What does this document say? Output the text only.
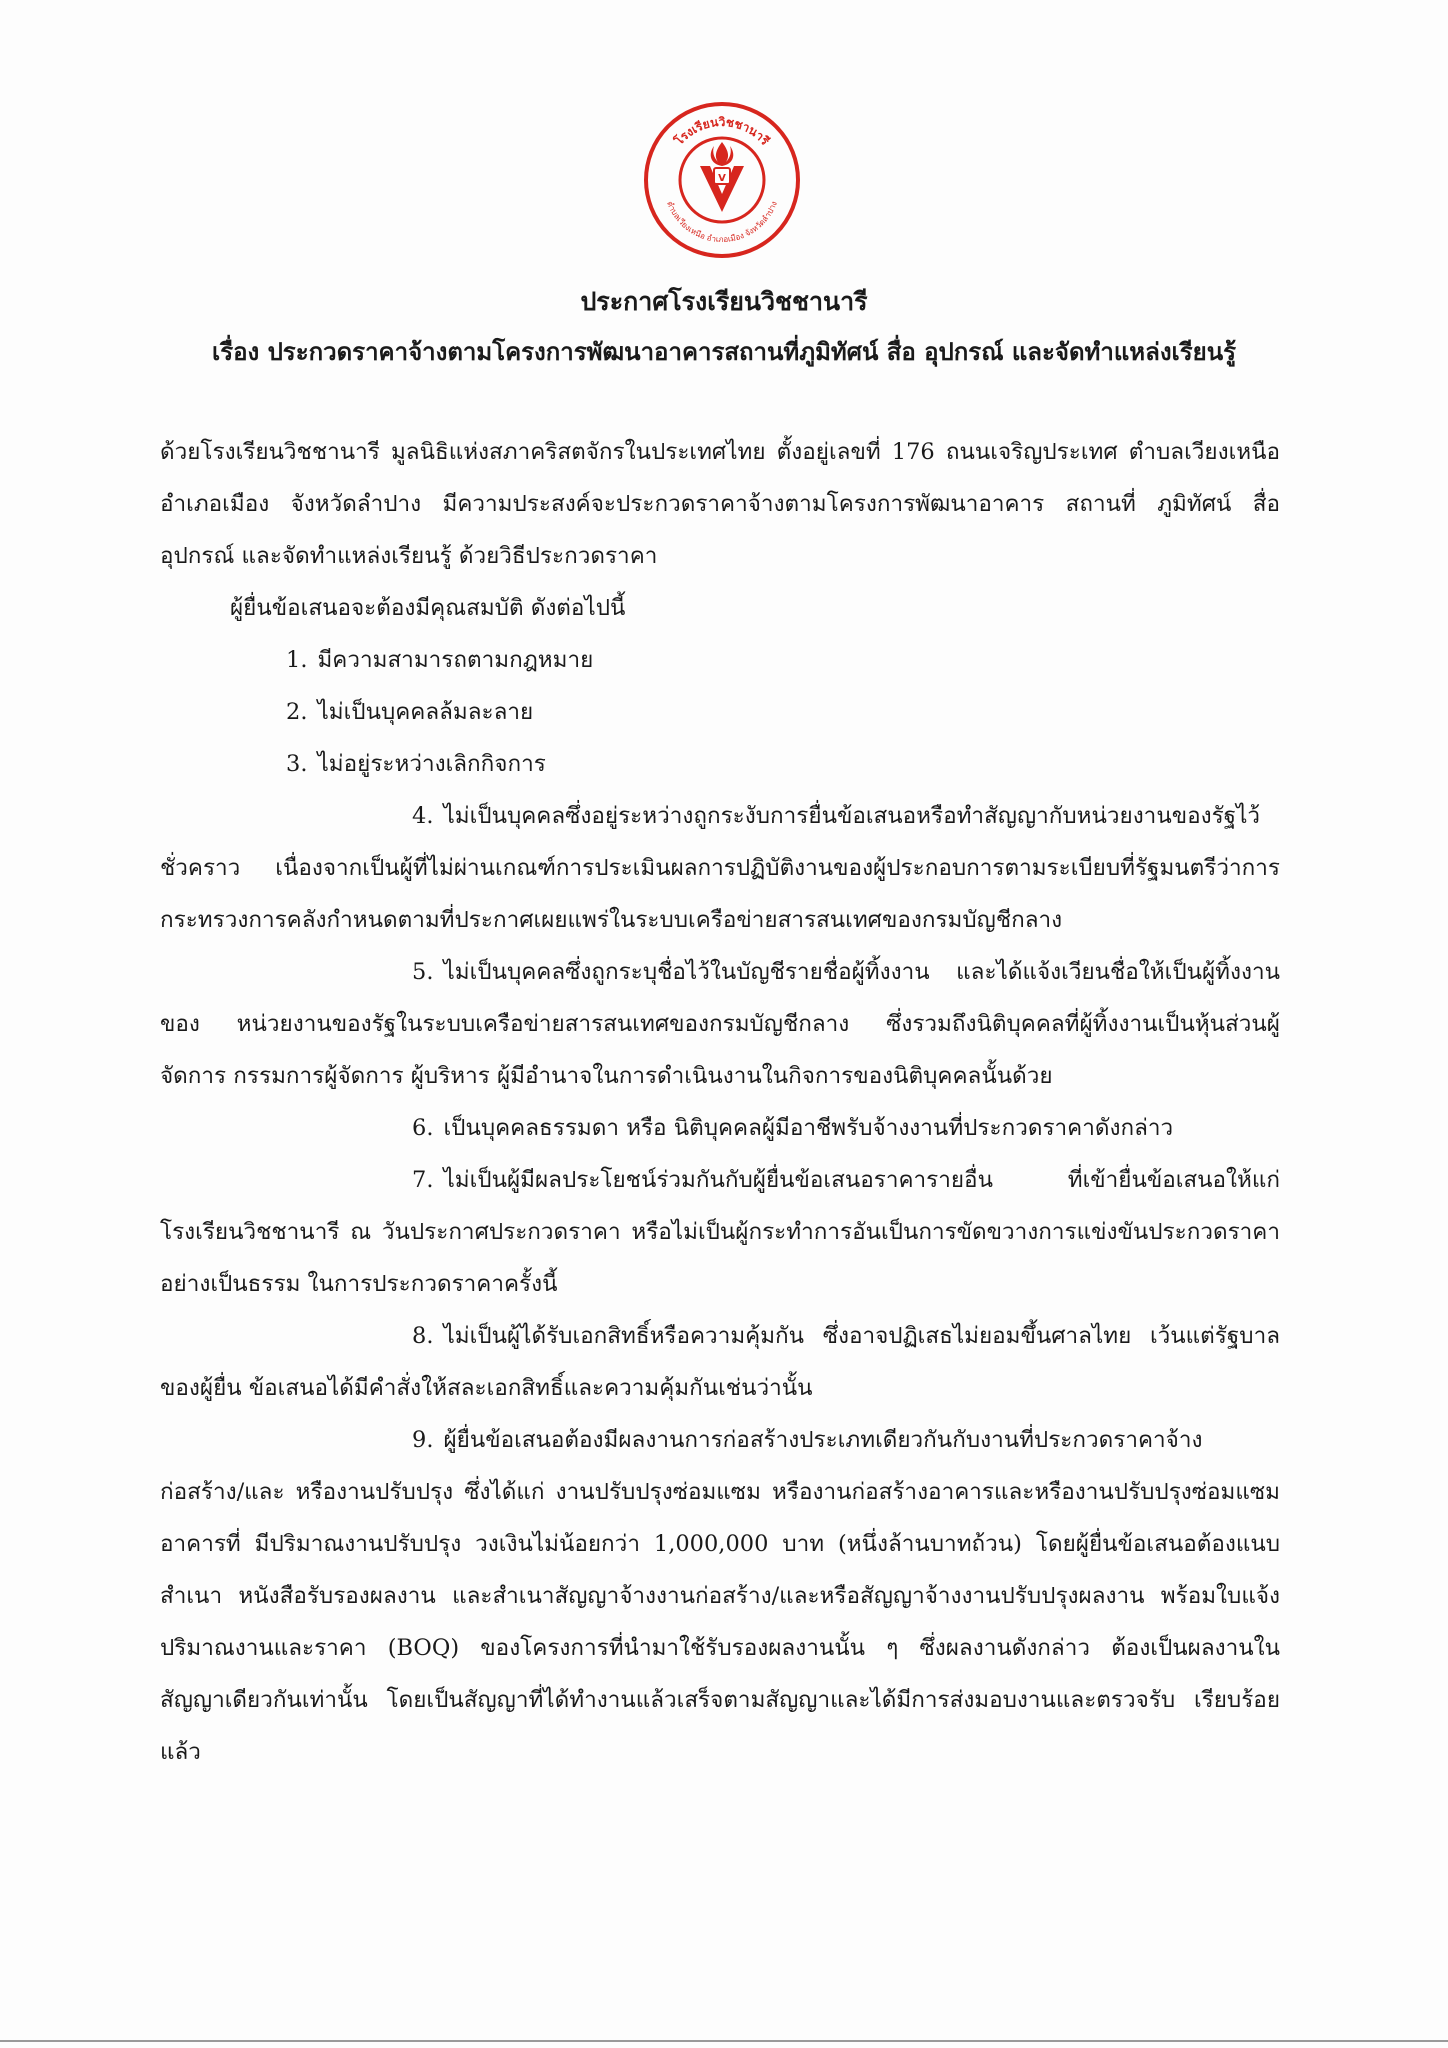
V
โรงเรียนวิชชานารี
ตำบลเวียงเหนือ อำเภอเมือง จังหวัดลำปาง
ประกาศโรงเรียนวิชชานารี
เรื่อง ประกวดราคาจ้างตามโครงการพัฒนาอาคารสถานที่ภูมิทัศน์ สื่อ อุปกรณ์ และจัดทำแหล่งเรียนรู้

ด้วยโรงเรียนวิชชานารี มูลนิธิแห่งสภาคริสตจักรในประเทศไทย ตั้งอยู่เลขที่ 176 ถนนเจริญประเทศ ตำบลเวียงเหนือ อำเภอเมือง จังหวัดลำปาง มีความประสงค์จะประกวดราคาจ้างตามโครงการพัฒนาอาคาร สถานที่ ภูมิทัศน์ สื่อ อุปกรณ์ และจัดทำแหล่งเรียนรู้ ด้วยวิธีประกวดราคา

ผู้ยื่นข้อเสนอจะต้องมีคุณสมบัติ ดังต่อไปนี้

1. มีความสามารถตามกฎหมาย

2. ไม่เป็นบุคคลล้มละลาย

3. ไม่อยู่ระหว่างเลิกกิจการ

4. ไม่เป็นบุคคลซึ่งอยู่ระหว่างถูกระงับการยื่นข้อเสนอหรือทำสัญญากับหน่วยงานของรัฐไว้ชั่วคราว เนื่องจากเป็นผู้ที่ไม่ผ่านเกณฑ์การประเมินผลการปฏิบัติงานของผู้ประกอบการตามระเบียบที่รัฐมนตรีว่าการ กระทรวงการคลังกำหนดตามที่ประกาศเผยแพร่ในระบบเครือข่ายสารสนเทศของกรมบัญชีกลาง

5. ไม่เป็นบุคคลซึ่งถูกระบุชื่อไว้ในบัญชีรายชื่อผู้ทิ้งงาน และได้แจ้งเวียนชื่อให้เป็นผู้ทิ้งงานของ หน่วยงานของรัฐในระบบเครือข่ายสารสนเทศของกรมบัญชีกลาง ซึ่งรวมถึงนิติบุคคลที่ผู้ทิ้งงานเป็นหุ้นส่วนผู้จัดการ กรรมการผู้จัดการ ผู้บริหาร ผู้มีอำนาจในการดำเนินงานในกิจการของนิติบุคคลนั้นด้วย

6. เป็นบุคคลธรรมดา หรือ นิติบุคคลผู้มีอาชีพรับจ้างงานที่ประกวดราคาดังกล่าว

7. ไม่เป็นผู้มีผลประโยชน์ร่วมกันกับผู้ยื่นข้อเสนอราคารายอื่น ที่เข้ายื่นข้อเสนอให้แก่โรงเรียนวิชชานารี ณ วันประกาศประกวดราคา หรือไม่เป็นผู้กระทำการอันเป็นการขัดขวางการแข่งขันประกวดราคาอย่างเป็นธรรม ในการประกวดราคาครั้งนี้

8. ไม่เป็นผู้ได้รับเอกสิทธิ์หรือความคุ้มกัน ซึ่งอาจปฏิเสธไม่ยอมขึ้นศาลไทย เว้นแต่รัฐบาลของผู้ยื่น ข้อเสนอได้มีคำสั่งให้สละเอกสิทธิ์และความคุ้มกันเช่นว่านั้น

9. ผู้ยื่นข้อเสนอต้องมีผลงานการก่อสร้างประเภทเดียวกันกับงานที่ประกวดราคาจ้างก่อสร้าง/และ หรืองานปรับปรุง ซึ่งได้แก่ งานปรับปรุงซ่อมแซม หรืองานก่อสร้างอาคารและหรืองานปรับปรุงซ่อมแซมอาคารที่ มีปริมาณงานปรับปรุง วงเงินไม่น้อยกว่า 1,000,000 บาท (หนึ่งล้านบาทถ้วน) โดยผู้ยื่นข้อเสนอต้องแนบสำเนา หนังสือรับรองผลงาน และสำเนาสัญญาจ้างงานก่อสร้าง/และหรือสัญญาจ้างงานปรับปรุงผลงาน พร้อมใบแจ้ง ปริมาณงานและราคา (BOQ) ของโครงการที่นำมาใช้รับรองผลงานนั้น ๆ ซึ่งผลงานดังกล่าว ต้องเป็นผลงานใน สัญญาเดียวกันเท่านั้น โดยเป็นสัญญาที่ได้ทำงานแล้วเสร็จตามสัญญาและได้มีการส่งมอบงานและตรวจรับ เรียบร้อยแล้ว
